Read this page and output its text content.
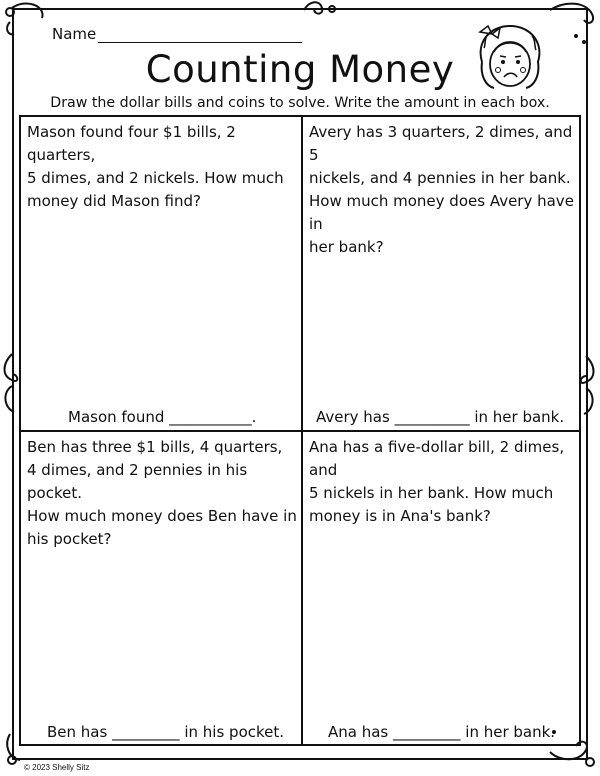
Name
Counting Money
Draw the dollar bills and coins to solve. Write the amount in each box.
Mason found four $1 bills, 2 quarters,
5 dimes, and 2 nickels. How much
money did Mason find?
Mason found ___________.
Avery has 3 quarters, 2 dimes, and 5
nickels, and 4 pennies in her bank.
How much money does Avery have in
her bank?
Avery has __________ in her bank.
Ben has three $1 bills, 4 quarters,
4 dimes, and 2 pennies in his pocket.
How much money does Ben have in
his pocket?
Ben has _________ in his pocket.
Ana has a five-dollar bill, 2 dimes, and
5 nickels in her bank. How much
money is in Ana's bank?
Ana has _________ in her bank.
© 2023 Shelly Sitz
